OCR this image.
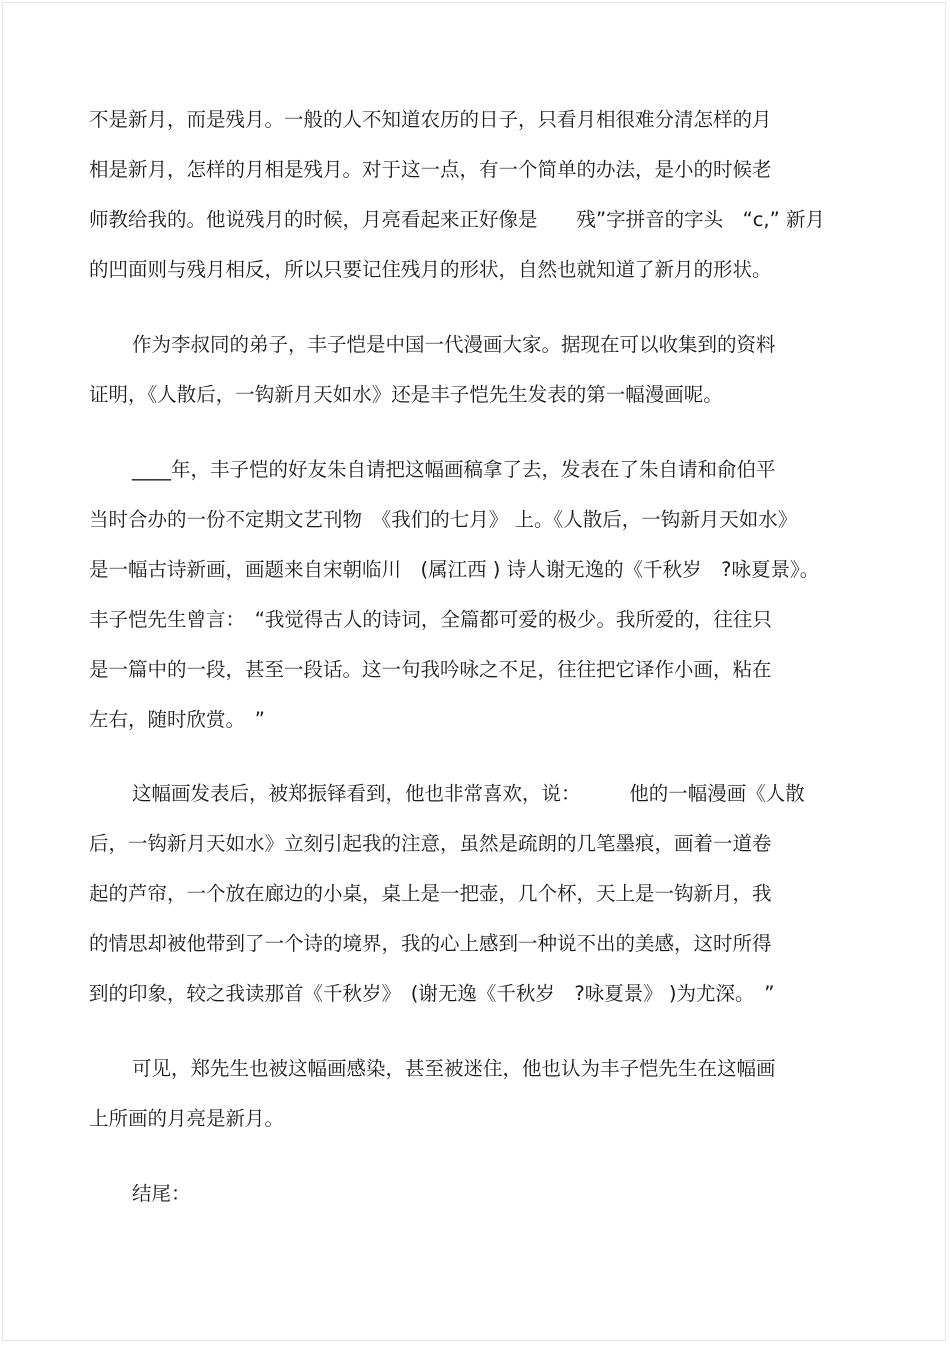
不是新月，而是残月。一般的人不知道农历的日子，只看月相很难分清怎样的月
相是新月，怎样的月相是残月。对于这一点，有一个简单的办法，是小的时候老
师教给我的。他说残月的时候，月亮看起来正好像是　　残”字拼音的字头　“c,” 新月
的凹面则与残月相反，所以只要记住残月的形状，自然也就知道了新月的形状。
作为李叔同的弟子，丰子恺是中国一代漫画大家。据现在可以收集到的资料
证明，《人散后，一钩新月天如水》还是丰子恺先生发表的第一幅漫画呢。
____年，丰子恺的好友朱自请把这幅画稿拿了去，发表在了朱自请和俞伯平
当时合办的一份不定期文艺刊物　《我们的七月》 上。《人散后，一钩新月天如水》
是一幅古诗新画，画题来自宋朝临川　(属江西 ) 诗人谢无逸的《千秋岁　?咏夏景》。
丰子恺先生曾言：　“我觉得古人的诗词，全篇都可爱的极少。我所爱的，往往只
是一篇中的一段，甚至一段话。这一句我吟咏之不足，往往把它译作小画，粘在
左右，随时欣赏。　”
这幅画发表后，被郑振铎看到，他也非常喜欢，说：　　　他的一幅漫画《人散
后，一钩新月天如水》立刻引起我的注意，虽然是疏朗的几笔墨痕，画着一道卷
起的芦帘，一个放在廊边的小桌，桌上是一把壶，几个杯，天上是一钩新月，我
的情思却被他带到了一个诗的境界，我的心上感到一种说不出的美感，这时所得
到的印象，较之我读那首《千秋岁》　(谢无逸《千秋岁　?咏夏景》 )为尤深。　”
可见，郑先生也被这幅画感染，甚至被迷住，他也认为丰子恺先生在这幅画
上所画的月亮是新月。
结尾：
